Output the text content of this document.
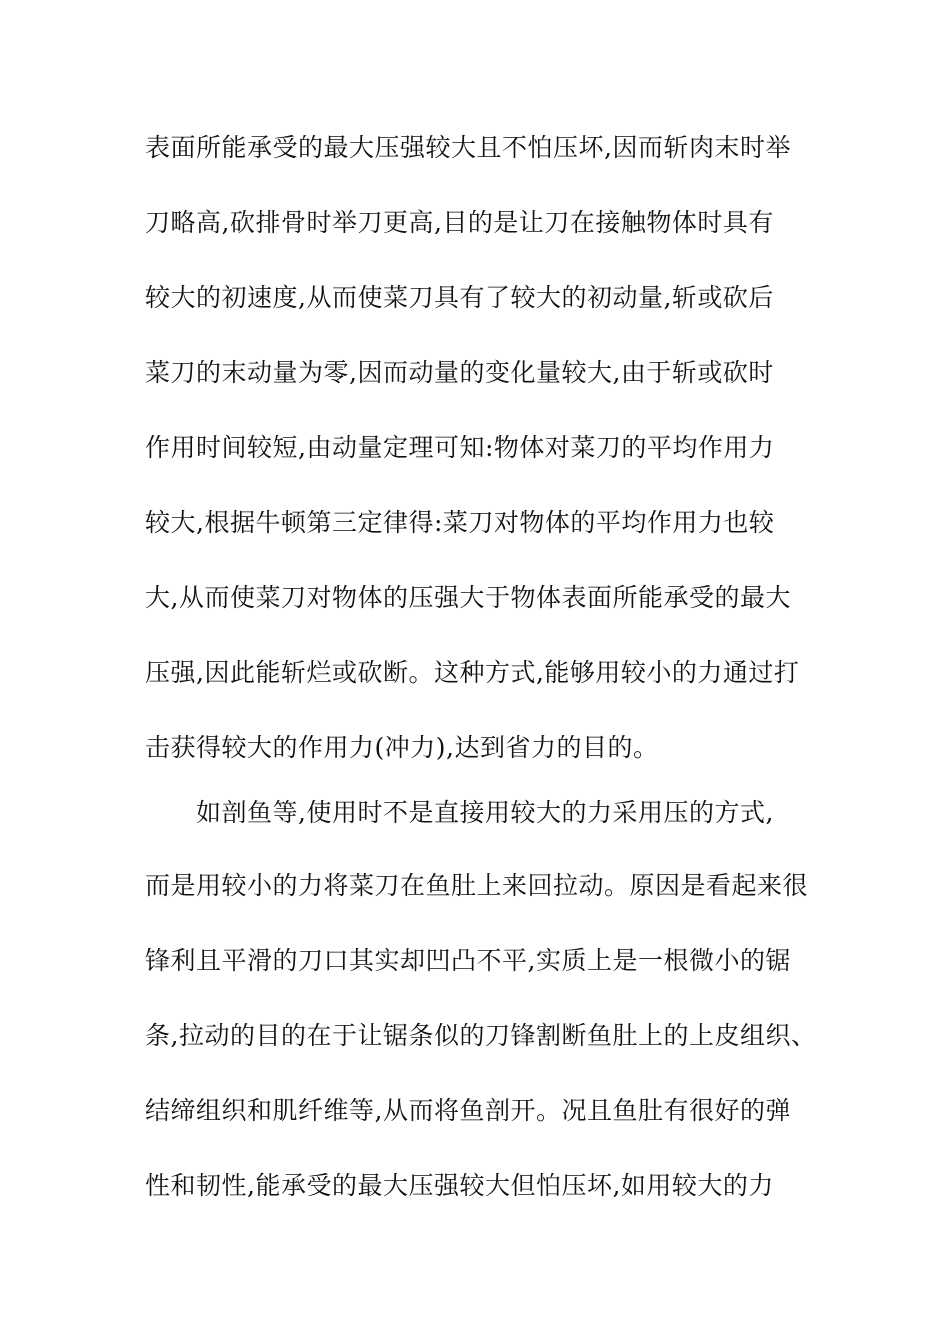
表面所能承受的最大压强较大且不怕压坏,因而斩肉末时举
刀略高,砍排骨时举刀更高,目的是让刀在接触物体时具有
较大的初速度,从而使菜刀具有了较大的初动量,斩或砍后
菜刀的末动量为零,因而动量的变化量较大,由于斩或砍时
作用时间较短,由动量定理可知:物体对菜刀的平均作用力
较大,根据牛顿第三定律得:菜刀对物体的平均作用力也较
大,从而使菜刀对物体的压强大于物体表面所能承受的最大
压强,因此能斩烂或砍断。这种方式,能够用较小的力通过打
击获得较大的作用力(冲力),达到省力的目的。
如剖鱼等,使用时不是直接用较大的力采用压的方式,
而是用较小的力将菜刀在鱼肚上来回拉动。原因是看起来很
锋利且平滑的刀口其实却凹凸不平,实质上是一根微小的锯
条,拉动的目的在于让锯条似的刀锋割断鱼肚上的上皮组织、
结缔组织和肌纤维等,从而将鱼剖开。况且鱼肚有很好的弹
性和韧性,能承受的最大压强较大但怕压坏,如用较大的力
